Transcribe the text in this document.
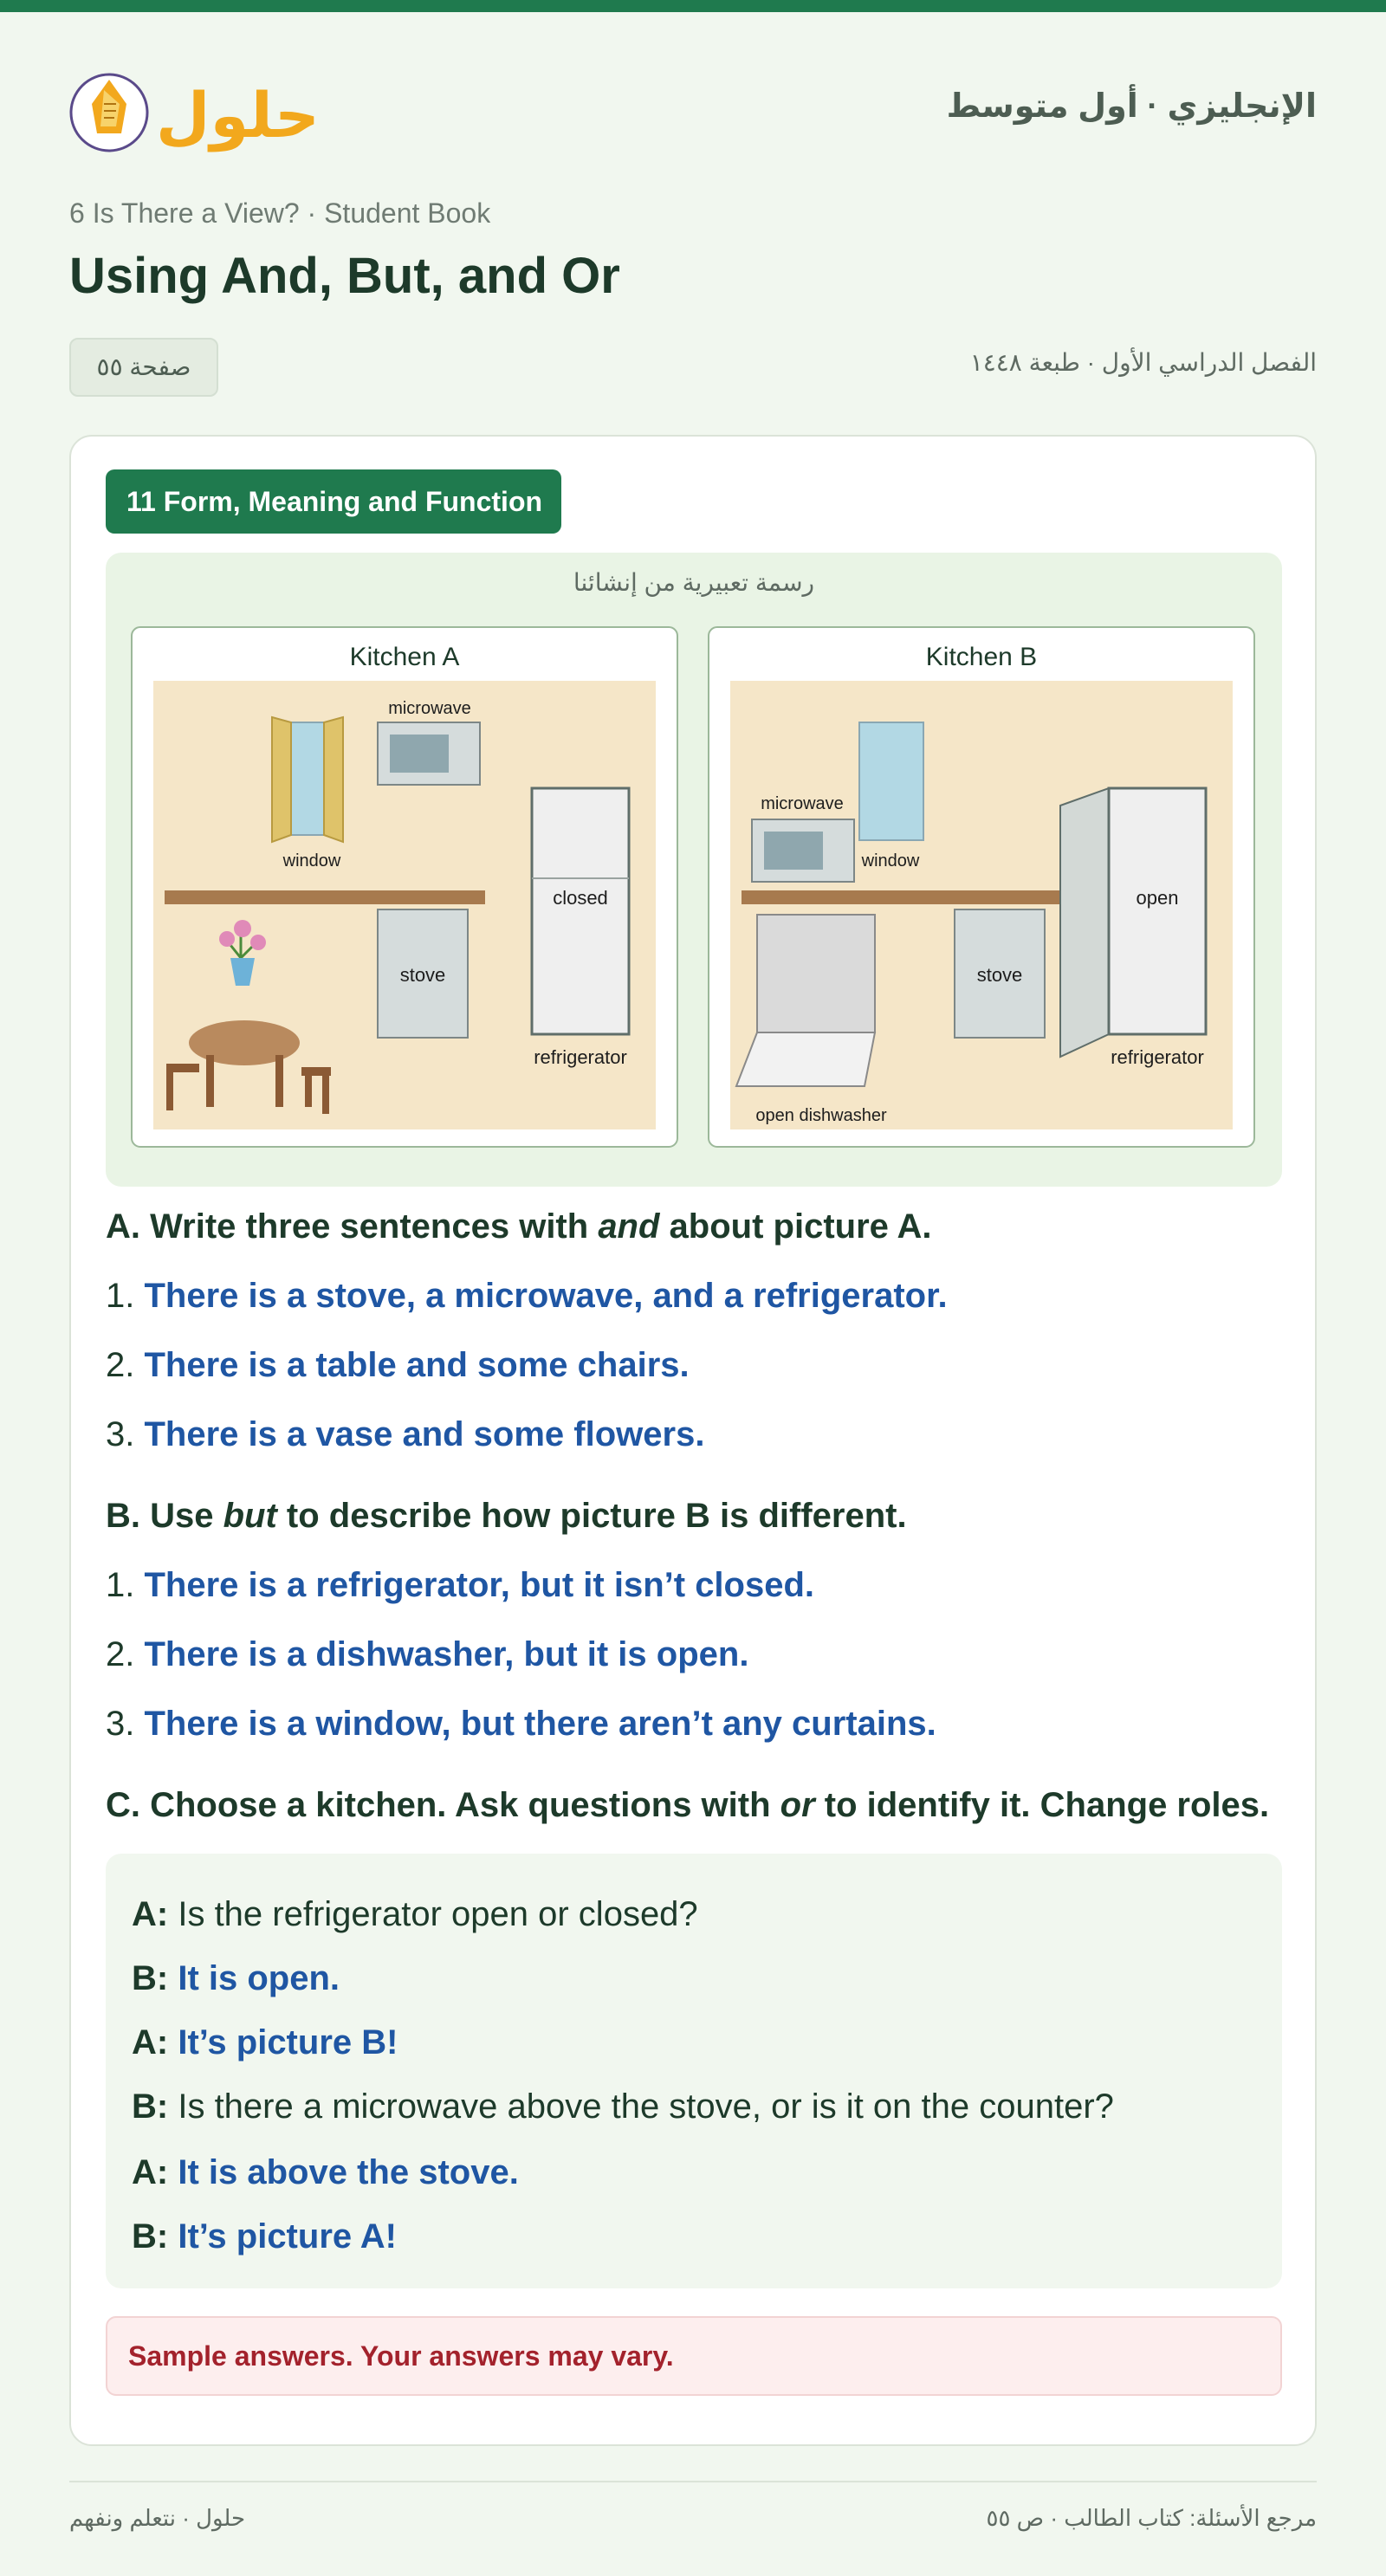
حلول	الإنجليزي · أول متوسط
6 Is There a View? · Student Book
Using And, But, and Or
صفحة ٥٥	الفصل الدراسي الأول · طبعة ١٤٤٨
11 Form, Meaning and Function
Kitchen A
window
microwave
stove
closed
refrigerator
Kitchen B
window
microwave
open dishwasher
stove
open
refrigerator
رسمة تعبيرية من إنشائنا
A. Write three sentences with and about picture A.
1. There is a stove, a microwave, and a refrigerator.
2. There is a table and some chairs.
3. There is a vase and some flowers.
B. Use but to describe how picture B is different.
1. There is a refrigerator, but it isn’t closed.
2. There is a dishwasher, but it is open.
3. There is a window, but there aren’t any curtains.
C. Choose a kitchen. Ask questions with or to identify it. Change roles.
A: Is the refrigerator open or closed?
B: It is open.
A: It’s picture B!
B: Is there a microwave above the stove, or is it on the counter?
A: It is above the stove.
B: It’s picture A!
Sample answers. Your answers may vary.
حلول · نتعلم ونفهم	مرجع الأسئلة: كتاب الطالب · ص ٥٥
